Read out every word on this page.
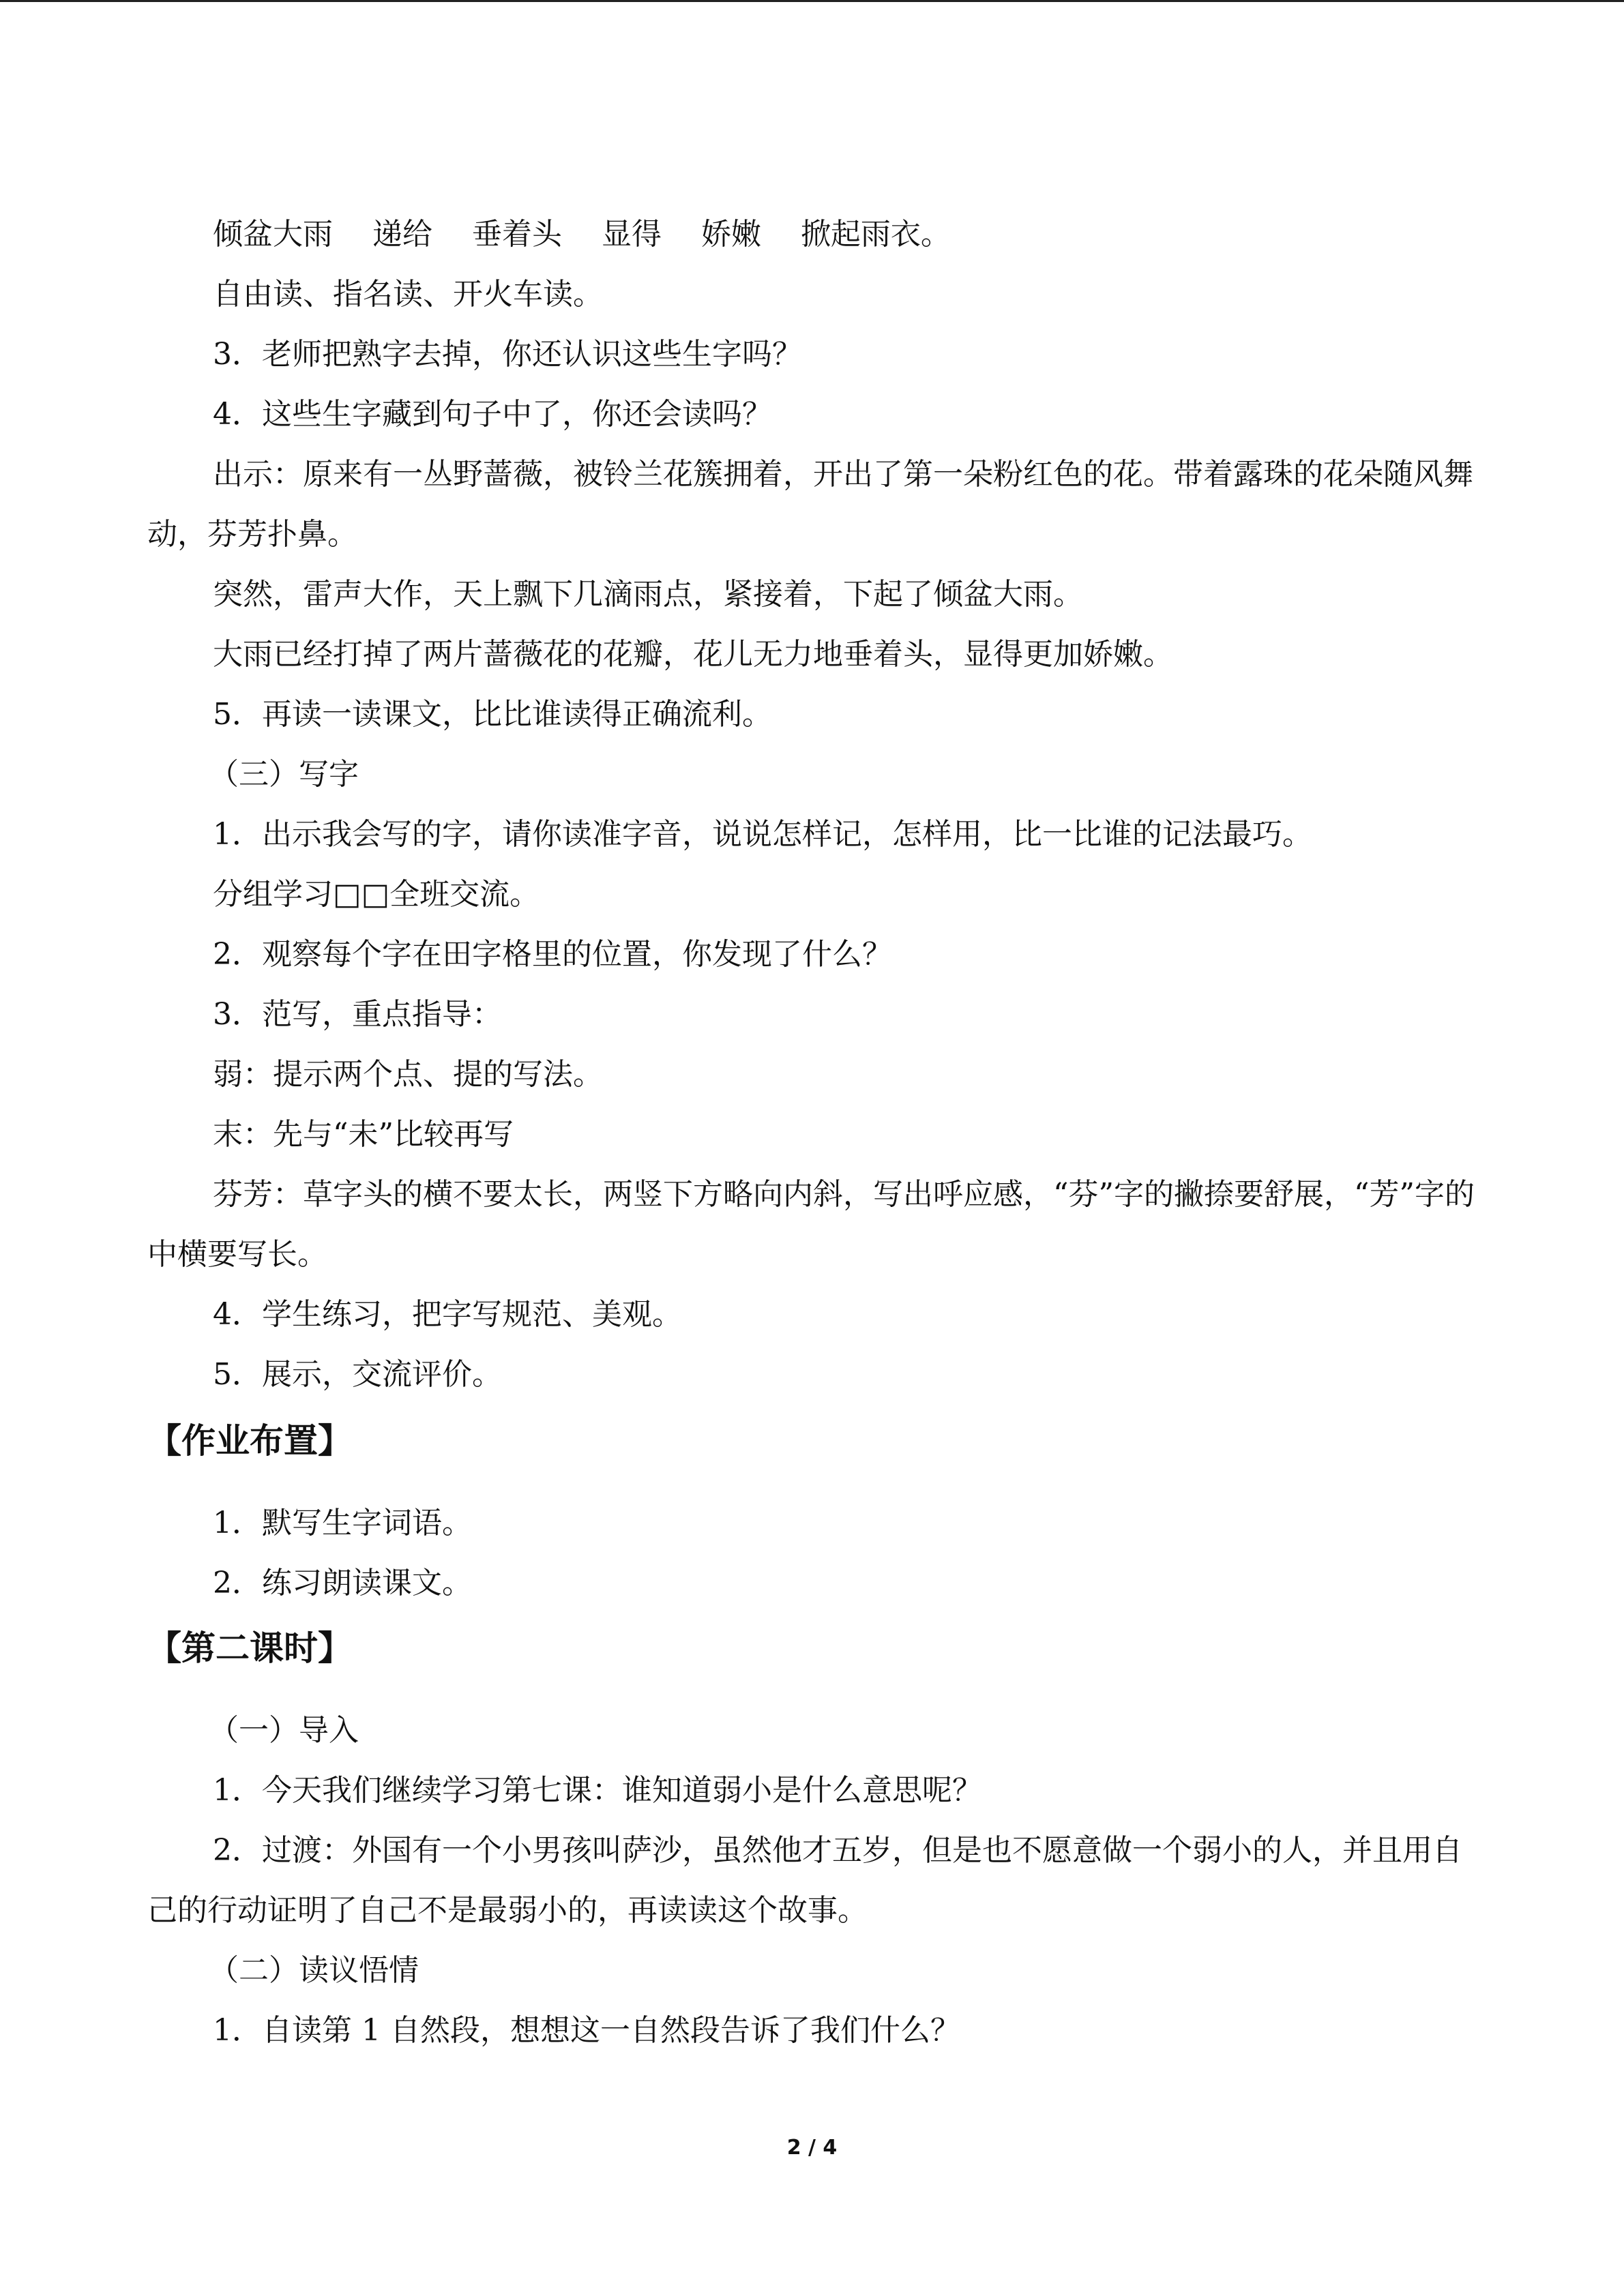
倾盆大雨　 递给　 垂着头　 显得　 娇嫩　 掀起雨衣。
自由读、指名读、开火车读。
3．老师把熟字去掉，你还认识这些生字吗？
4．这些生字藏到句子中了，你还会读吗？
出示：原来有一丛野蔷薇，被铃兰花簇拥着，开出了第一朵粉红色的花。带着露珠的花朵随风舞动，芬芳扑鼻。
突然，雷声大作，天上飘下几滴雨点，紧接着，下起了倾盆大雨。
大雨已经打掉了两片蔷薇花的花瓣，花儿无力地垂着头，显得更加娇嫩。
5．再读一读课文，比比谁读得正确流利。
（三）写字
1．出示我会写的字，请你读准字音，说说怎样记，怎样用，比一比谁的记法最巧。
分组学习□□全班交流。
2．观察每个字在田字格里的位置，你发现了什么？
3．范写，重点指导：
弱：提示两个点、提的写法。
末：先与“未”比较再写
芬芳：草字头的横不要太长，两竖下方略向内斜，写出呼应感，“芬”字的撇捺要舒展，“芳”字的中横要写长。
4．学生练习，把字写规范、美观。
5．展示，交流评价。
【作业布置】
1．默写生字词语。
2．练习朗读课文。
【第二课时】
（一）导入
1．今天我们继续学习第七课：谁知道弱小是什么意思呢？
2．过渡：外国有一个小男孩叫萨沙，虽然他才五岁，但是也不愿意做一个弱小的人，并且用自己的行动证明了自己不是最弱小的，再读读这个故事。
（二）读议悟情
1．自读第 1 自然段，想想这一自然段告诉了我们什么？
2 / 4
